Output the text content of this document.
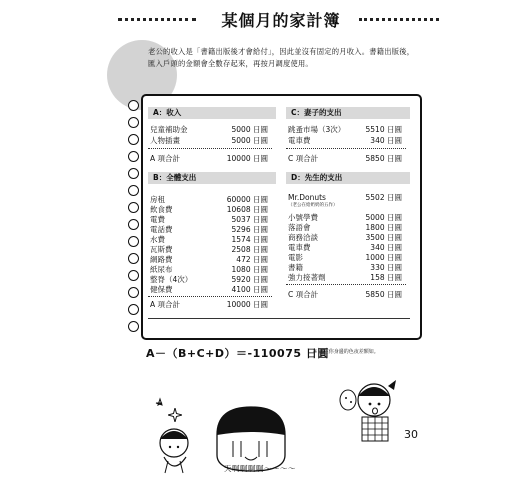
某個月的家計簿
老公的收入是「書籍出版後才會給付」，因此並沒有固定的月收入。書籍出版後，
匯入戶頭的金額會全數存起來，再按月調度使用。
A：收入
兒童補助金	5000 日圓
人物插畫	5000 日圓
A 項合計	10000 日圓
C：妻子的支出
跳蚤市場（3次）	5510 日圓
電車費	340 日圓
C 項合計	5850 日圓
B：全體支出
房租	60000 日圓
飲食費	10608 日圓
電費	5037 日圓
電話費	5296 日圓
水費	1574 日圓
瓦斯費	2508 日圓
網路費	472 日圓
紙尿布	1080 日圓
整脊（4次）	5920 日圓
健保費	4100 日圓
A 項合計	10000 日圓
D：先生的支出
Mr.Donuts	5502 日圓
（老公在給奶奶的五作）
小號學費	5000 日圓
落語會	1800 日圓
商務洽談	3500 日圓
電車費	340 日圓
電影	1000 日圓
書籍	330 日圓
強力接著劑	158 日圓
C 項合計	5850 日圓
A－（B+C+D）＝-110075 日圓
※ 都在你身邊的色夜差額如。
天啊啊啊啊～～～～
30
